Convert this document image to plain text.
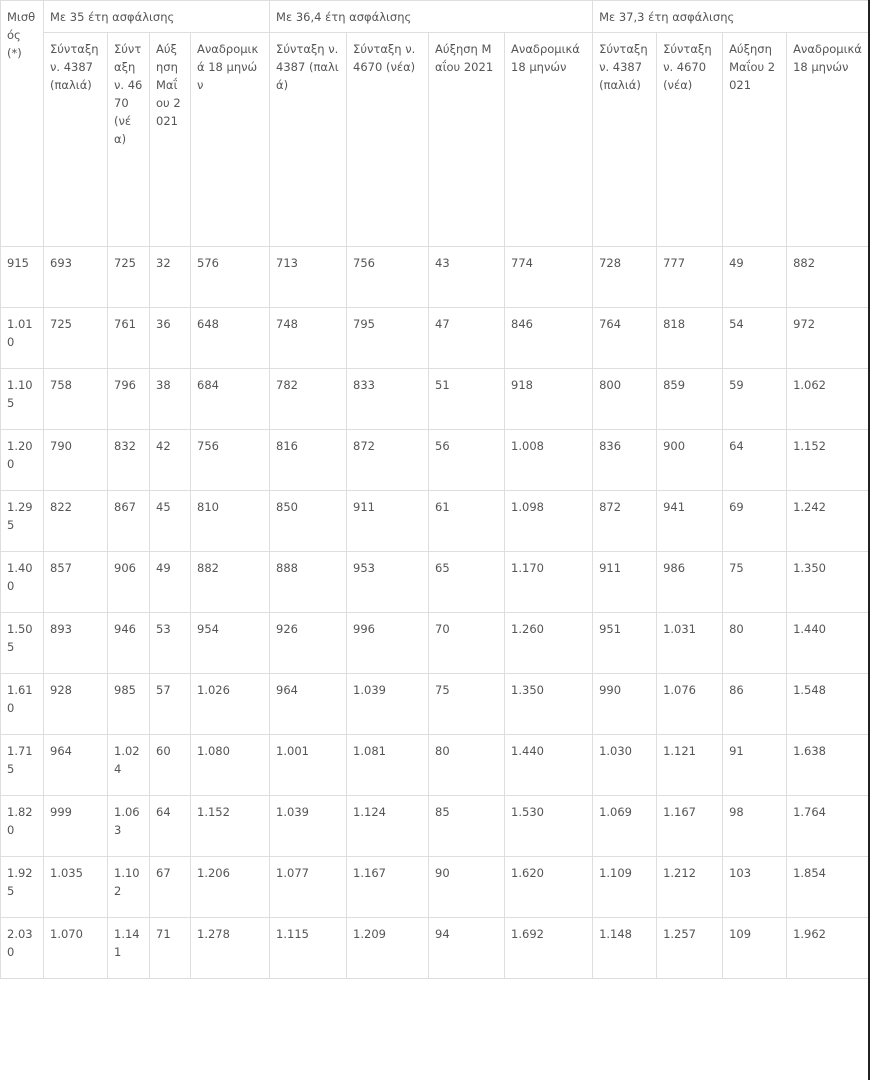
Μισθός (*)	Με 35 έτη ασφάλισης				Με 36,4 έτη ασφάλισης				Με 37,3 έτη ασφάλισης			
	Σύνταξη ν. 4387 (παλιά)	Σύνταξη ν. 4670 (νέα)	Αύξηση Μαΐου 2021	Αναδρομικά 18 μηνών	Σύνταξη ν. 4387 (παλιά)	Σύνταξη ν. 4670 (νέα)	Αύξηση Μαΐου 2021	Αναδρομικά 18 μηνών	Σύνταξη ν. 4387 (παλιά)	Σύνταξη ν. 4670 (νέα)	Αύξηση Μαΐου 2021	Αναδρομικά 18 μηνών
915	693	725	32	576	713	756	43	774	728	777	49	882
1.010	725	761	36	648	748	795	47	846	764	818	54	972
1.105	758	796	38	684	782	833	51	918	800	859	59	1.062
1.200	790	832	42	756	816	872	56	1.008	836	900	64	1.152
1.295	822	867	45	810	850	911	61	1.098	872	941	69	1.242
1.400	857	906	49	882	888	953	65	1.170	911	986	75	1.350
1.505	893	946	53	954	926	996	70	1.260	951	1.031	80	1.440
1.610	928	985	57	1.026	964	1.039	75	1.350	990	1.076	86	1.548
1.715	964	1.024	60	1.080	1.001	1.081	80	1.440	1.030	1.121	91	1.638
1.820	999	1.063	64	1.152	1.039	1.124	85	1.530	1.069	1.167	98	1.764
1.925	1.035	1.102	67	1.206	1.077	1.167	90	1.620	1.109	1.212	103	1.854
2.030	1.070	1.141	71	1.278	1.115	1.209	94	1.692	1.148	1.257	109	1.962
